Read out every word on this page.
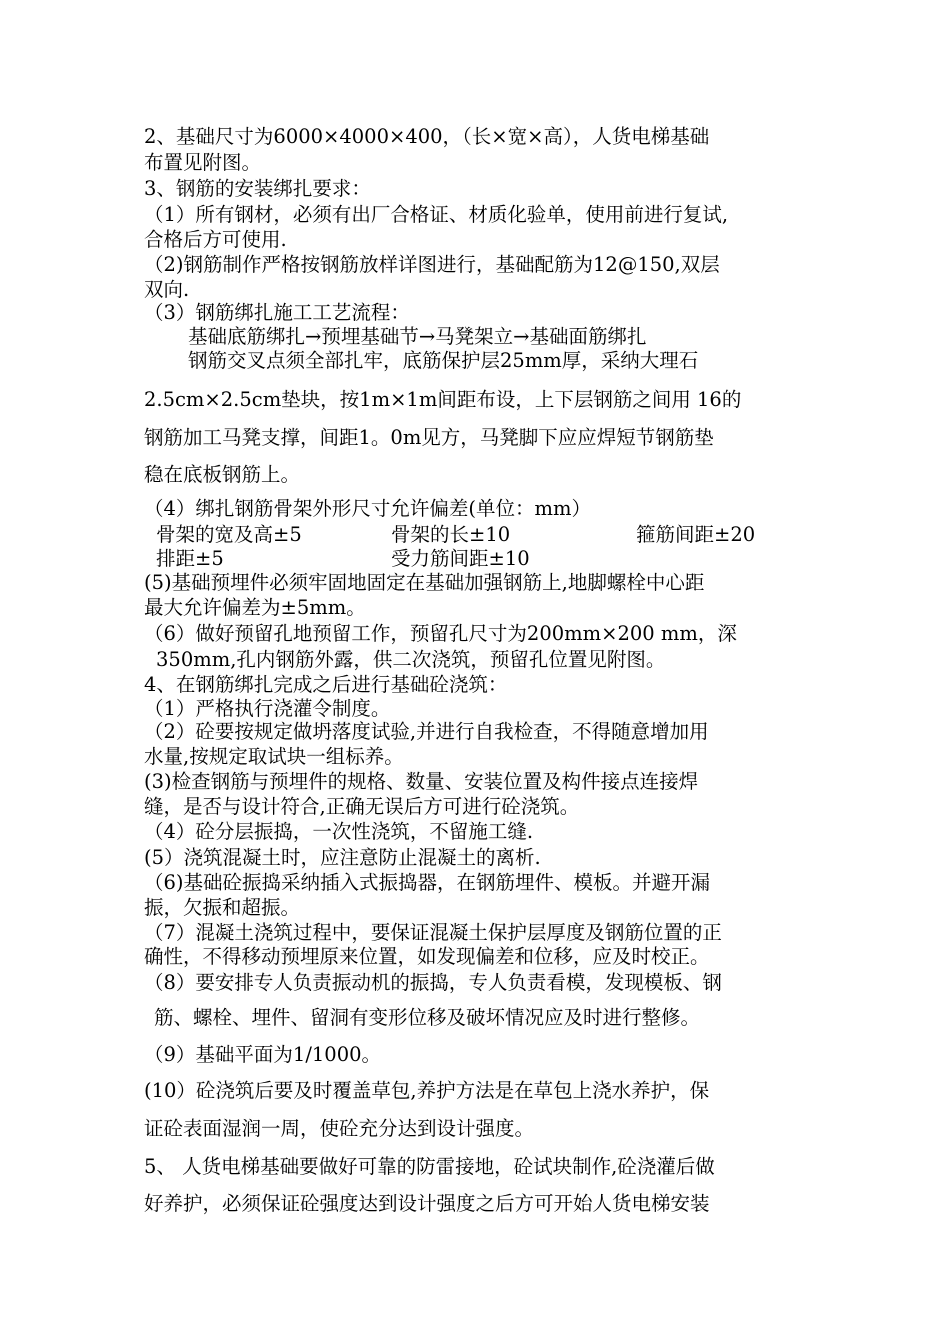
2、基础尺寸为6000×4000×400，（长×宽×高），人货电梯基础
布置见附图。
3、钢筋的安装绑扎要求：
（1）所有钢材，必须有出厂合格证、材质化验单，使用前进行复试,
合格后方可使用.
（2)钢筋制作严格按钢筋放样详图进行，基础配筋为12@150,双层
双向.
（3）钢筋绑扎施工工艺流程：
基础底筋绑扎→预埋基础节→马凳架立→基础面筋绑扎
钢筋交叉点须全部扎牢，底筋保护层25mm厚，采纳大理石
2.5cm×2.5cm垫块，按1m×1m间距布设，上下层钢筋之间用 16的
钢筋加工马凳支撑，间距1。0m见方，马凳脚下应应焊短节钢筋垫
稳在底板钢筋上。
（4）绑扎钢筋骨架外形尺寸允许偏差(单位：mm）
骨架的宽及高±5	骨架的长±10	箍筋间距±20
排距±5	受力筋间距±10
(5)基础预埋件必须牢固地固定在基础加强钢筋上,地脚螺栓中心距
最大允许偏差为±5mm。
（6）做好预留孔地预留工作，预留孔尺寸为200mm×200 mm，深
350mm,孔内钢筋外露，供二次浇筑，预留孔位置见附图。
4、在钢筋绑扎完成之后进行基础砼浇筑：
（1）严格执行浇灌令制度。
（2）砼要按规定做坍落度试验,并进行自我检查，不得随意增加用
水量,按规定取试块一组标养。
(3)检查钢筋与预埋件的规格、数量、安装位置及构件接点连接焊
缝，是否与设计符合,正确无误后方可进行砼浇筑。
（4）砼分层振捣，一次性浇筑，不留施工缝.
(5）浇筑混凝土时，应注意防止混凝土的离析.
（6)基础砼振捣采纳插入式振捣器，在钢筋埋件、模板。并避开漏
振，欠振和超振。
（7）混凝土浇筑过程中，要保证混凝土保护层厚度及钢筋位置的正
确性，不得移动预埋原来位置，如发现偏差和位移，应及时校正。
（8）要安排专人负责振动机的振捣，专人负责看模，发现模板、钢
筋、螺栓、埋件、留洞有变形位移及破坏情况应及时进行整修。
（9）基础平面为1/1000。
(10）砼浇筑后要及时覆盖草包,养护方法是在草包上浇水养护，保
证砼表面湿润一周，使砼充分达到设计强度。
5、 人货电梯基础要做好可靠的防雷接地，砼试块制作,砼浇灌后做
好养护，必须保证砼强度达到设计强度之后方可开始人货电梯安装
